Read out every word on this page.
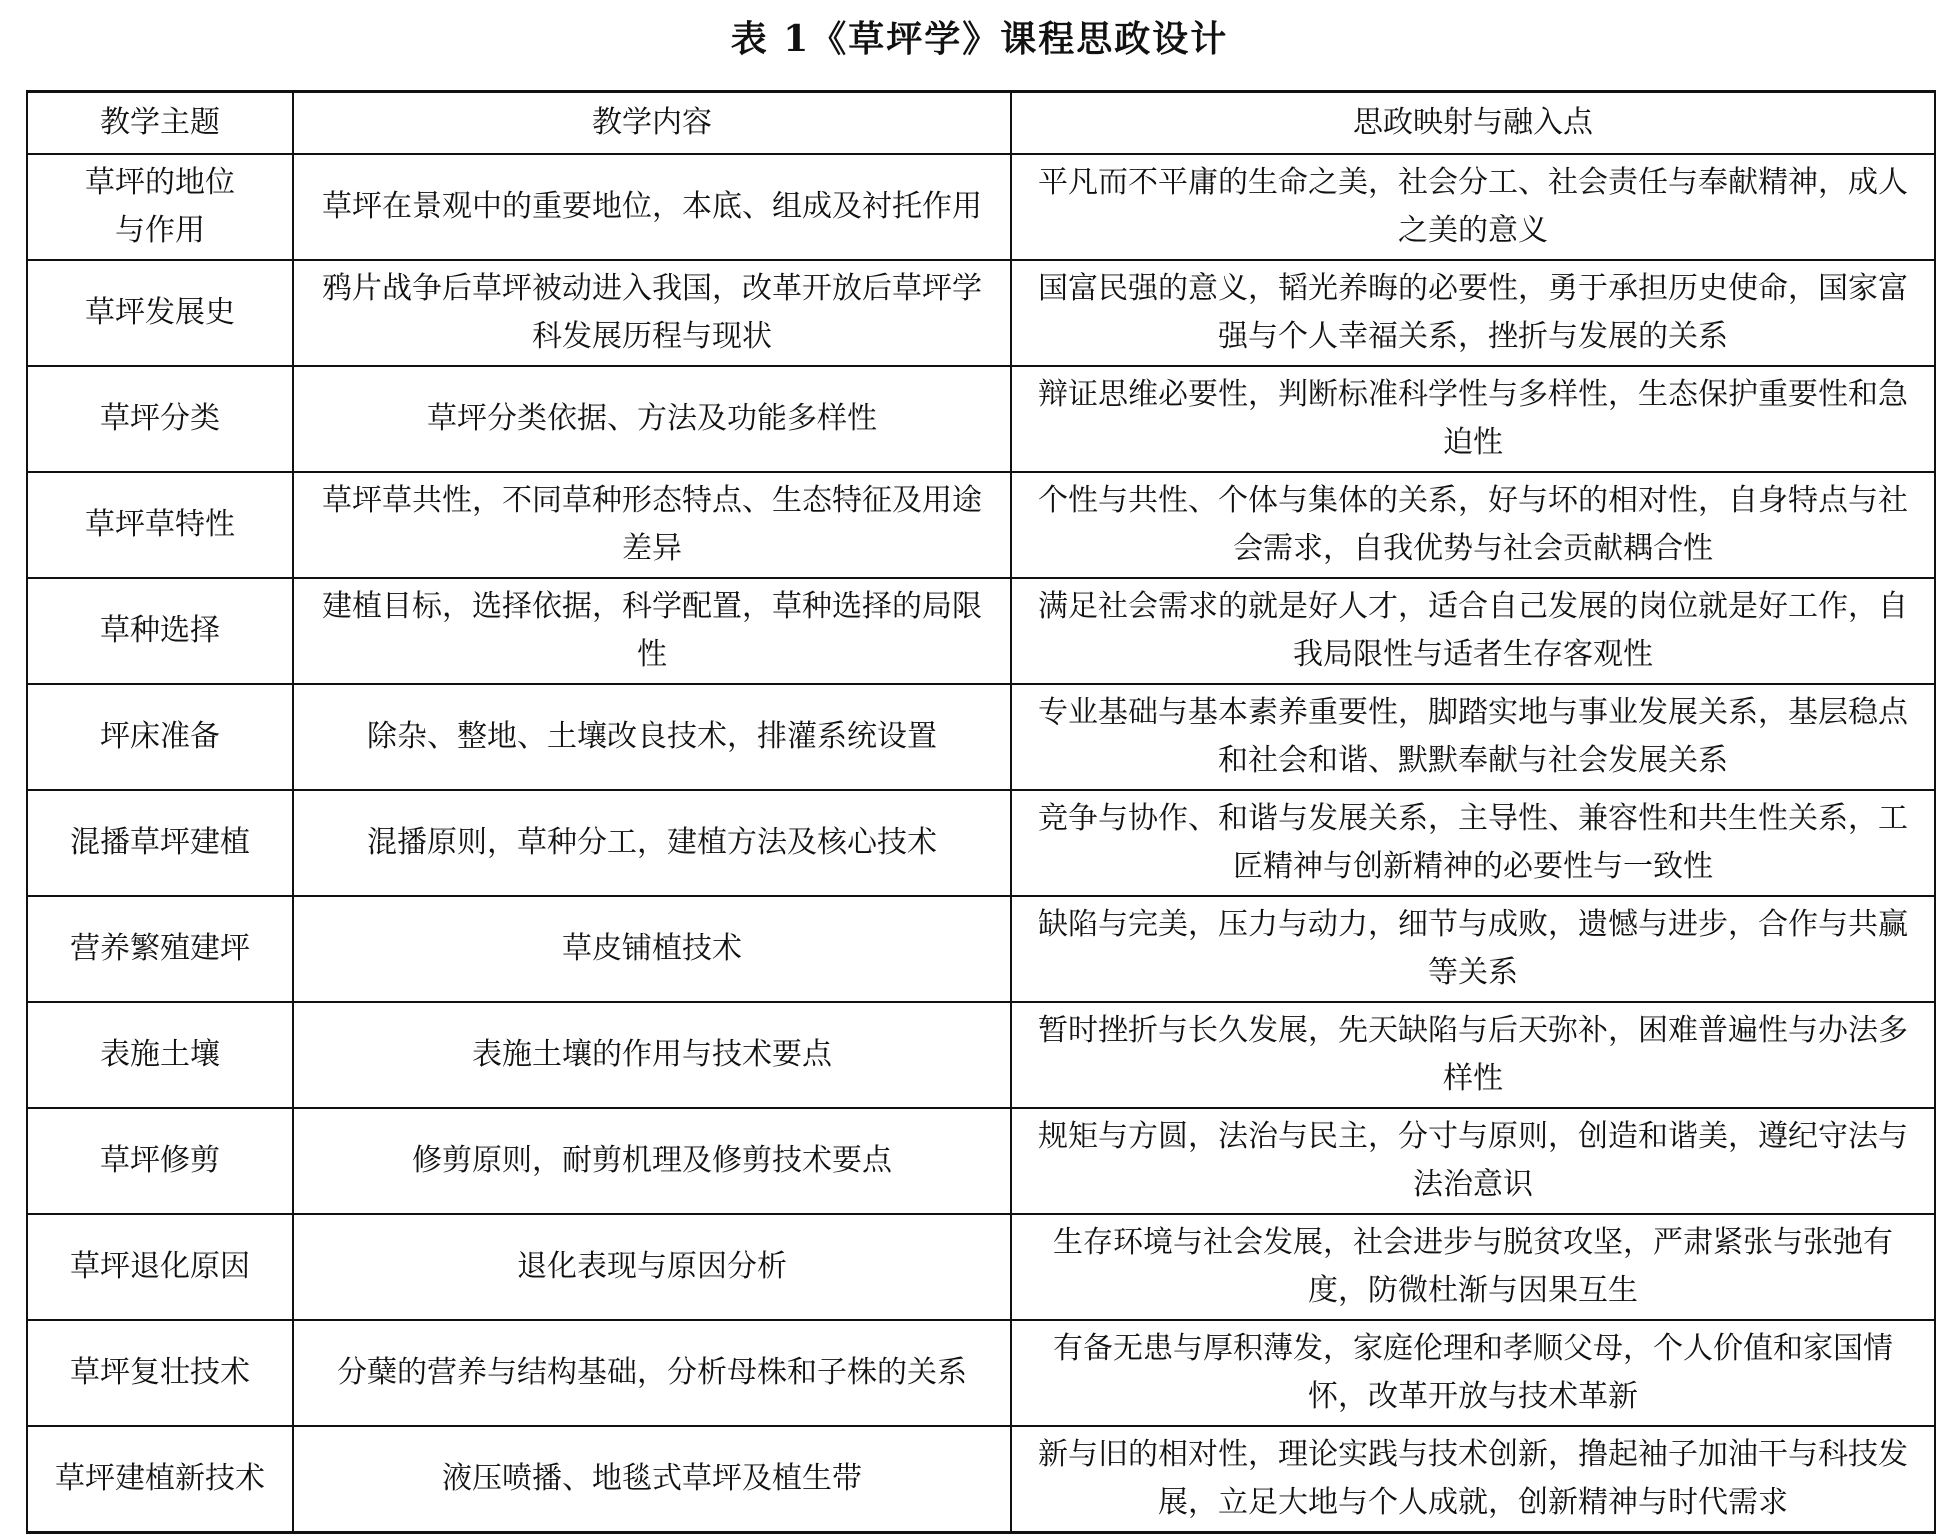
表 1《草坪学》课程思政设计
教学主题	教学内容	思政映射与融入点
草坪的地位与作用	草坪在景观中的重要地位，本底、组成及衬托作用	平凡而不平庸的生命之美，社会分工、社会责任与奉献精神，成人之美的意义
草坪发展史	鸦片战争后草坪被动进入我国，改革开放后草坪学科发展历程与现状	国富民强的意义，韬光养晦的必要性，勇于承担历史使命，国家富强与个人幸福关系，挫折与发展的关系
草坪分类	草坪分类依据、方法及功能多样性	辩证思维必要性，判断标准科学性与多样性，生态保护重要性和急迫性
草坪草特性	草坪草共性，不同草种形态特点、生态特征及用途差异	个性与共性、个体与集体的关系，好与坏的相对性，自身特点与社会需求，自我优势与社会贡献耦合性
草种选择	建植目标，选择依据，科学配置，草种选择的局限性	满足社会需求的就是好人才，适合自己发展的岗位就是好工作，自我局限性与适者生存客观性
坪床准备	除杂、整地、土壤改良技术，排灌系统设置	专业基础与基本素养重要性，脚踏实地与事业发展关系，基层稳点和社会和谐、默默奉献与社会发展关系
混播草坪建植	混播原则，草种分工，建植方法及核心技术	竞争与协作、和谐与发展关系，主导性、兼容性和共生性关系，工匠精神与创新精神的必要性与一致性
营养繁殖建坪	草皮铺植技术	缺陷与完美，压力与动力，细节与成败，遗憾与进步，合作与共赢等关系
表施土壤	表施土壤的作用与技术要点	暂时挫折与长久发展，先天缺陷与后天弥补，困难普遍性与办法多样性
草坪修剪	修剪原则，耐剪机理及修剪技术要点	规矩与方圆，法治与民主，分寸与原则，创造和谐美，遵纪守法与法治意识
草坪退化原因	退化表现与原因分析	生存环境与社会发展，社会进步与脱贫攻坚，严肃紧张与张弛有度，防微杜渐与因果互生
草坪复壮技术	分蘖的营养与结构基础，分析母株和子株的关系	有备无患与厚积薄发，家庭伦理和孝顺父母，个人价值和家国情怀，改革开放与技术革新
草坪建植新技术	液压喷播、地毯式草坪及植生带	新与旧的相对性，理论实践与技术创新，撸起袖子加油干与科技发展，立足大地与个人成就，创新精神与时代需求
